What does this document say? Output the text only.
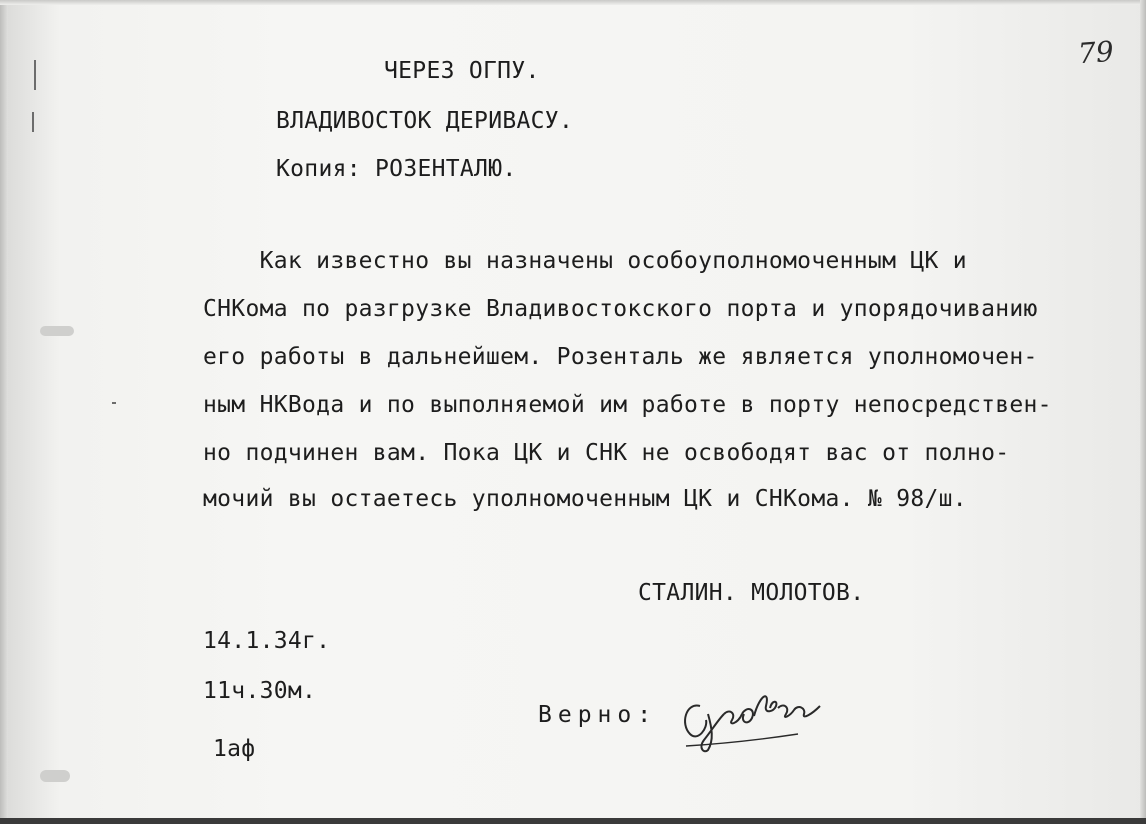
79

ЧЕРЕЗ ОГПУ.

ВЛАДИВОСТОК ДЕРИВАСУ.

Копия: РОЗЕНТАЛЮ.

Как известно вы назначены особоуполномоченным ЦК и

СНКома по разгрузке Владивостокского порта и упорядочиванию

его работы в дальнейшем. Розенталь же является уполномочен-

ным НКВода и по выполняемой им работе в порту непосредствен-

но подчинен вам. Пока ЦК и СНК не освободят вас от полно-

мочий вы остаетесь уполномоченным ЦК и СНКома. № 98/ш.

СТАЛИН. МОЛОТОВ.

14.1.34г.

11ч.30м.

1аф

Верно:
